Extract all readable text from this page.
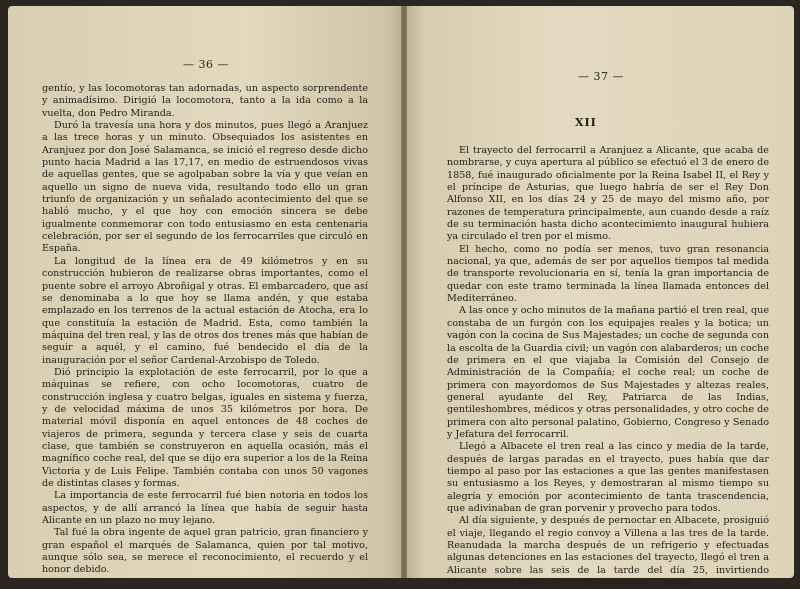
— 36 —

gentío, y las locomotoras tan adornadas, un aspecto sorprendente y animadísimo. Dirigió la locomotora, tanto a la ida como a la vuelta, don Pedro Miranda.

Duró la travesía una hora y dos minutos, pues llegó a Aranjuez a las trece horas y un minuto. Obsequiados los asistentes en Aranjuez por don José Salamanca, se inició el regreso desde dicho punto hacia Madrid a las 17,17, en medio de estruendosos vivas de aquellas gentes, que se agolpaban sobre la vía y que veían en aquello un signo de nueva vida, resultando todo ello un gran triunfo de organización y un señalado acontecimiento del que se habló mucho, y el que hoy con emoción sincera se debe igualmente conmemorar con todo entusiasmo en esta centenaria celebración, por ser el segundo de los ferrocarriles que circuló en España.

La longitud de la línea era de 49 kilómetros y en su construcción hubieron de realizarse obras importantes, como el puente sobre el arroyo Abroñigal y otras. El embarcadero, que así se denominaba a lo que hoy se llama andén, y que estaba emplazado en los terrenos de la actual estación de Atocha, era lo que constituía la estación de Madrid. Esta, como también la máquina del tren real, y las de otros dos trenes más que habían de seguir a aquél, y el camino, fué bendecido el día de la inauguración por el señor Cardenal-Arzobispo de Toledo.

Dió principio la explotación de este ferrocarril, por lo que a máquinas se refiere, con ocho locomotoras, cuatro de construcción inglesa y cuatro belgas, iguales en sistema y fuerza, y de velocidad máxima de unos 35 kilómetros por hora. De material móvil disponía en aquel entonces de 48 coches de viajeros de primera, segunda y tercera clase y seis de cuarta clase, que también se construyeron en aquella ocasión, más el magnífico coche real, del que se dijo era superior a los de la Reina Victoria y de Luis Felipe. También contaba con unos 50 vagones de distintas clases y formas.

La importancia de este ferrocarril fué bien notoria en todos los aspectos, y de allí arrancó la línea que había de seguir hasta Alicante en un plazo no muy lejano.

Tal fué la obra ingente de aquel gran patricio, gran financiero y gran español el marqués de Salamanca, quien por tal motivo, aunque sólo sea, se merece el reconocimiento, el recuerdo y el honor debido.

— 37 —
XII

El trayecto del ferrocarril a Aranjuez a Alicante, que acaba de nombrarse, y cuya apertura al público se efectuó el 3 de enero de 1858, fué inaugurado oficialmente por la Reina Isabel II, el Rey y el príncipe de Asturias, que luego habría de ser el Rey Don Alfonso XII, en los días 24 y 25 de mayo del mismo año, por razones de temperatura principalmente, aun cuando desde a raíz de su terminación hasta dicho acontecimiento inaugural hubiera ya circulado el tren por el mismo.

El hecho, como no podía ser menos, tuvo gran resonancia nacional, ya que, además de ser por aquellos tiempos tal medida de transporte revolucionaria en sí, tenía la gran importancia de quedar con este tramo terminada la línea llamada entonces del Mediterráneo.

A las once y ocho minutos de la mañana partió el tren real, que constaba de un furgón con los equipajes reales y la botica; un vagón con la cocina de Sus Majestades; un coche de segunda con la escolta de la Guardia civil; un vagón con alabarderos; un coche de primera en el que viajaba la Comisión del Consejo de Administración de la Compañía; el coche real; un coche de primera con mayordomos de Sus Majestades y altezas reales, general ayudante del Rey, Patriarca de las Indias, gentileshombres, médicos y otras personalidades, y otro coche de primera con alto personal palatino, Gobierno, Congreso y Senado y Jefatura del ferrocarril.

Llegó a Albacete el tren real a las cinco y media de la tarde, después de largas paradas en el trayecto, pues había que dar tiempo al paso por las estaciones a que las gentes manifestasen su entusiasmo a los Reyes, y demostraran al mismo tiempo su alegría y emoción por acontecimiento de tanta trascendencia, que adivinaban de gran porvenir y provecho para todos.

Al día siguiente, y después de pernoctar en Albacete, prosiguió el viaje, llegando el regio convoy a Villena a las tres de la tarde. Reanudada la marcha después de un refrigerio y efectuadas algunas detenciones en las estaciones del trayecto, llegó el tren a Alicante sobre las seis de la tarde del día 25, invirtiendo totalmente en aquel recorrido ferroviario la mitad
